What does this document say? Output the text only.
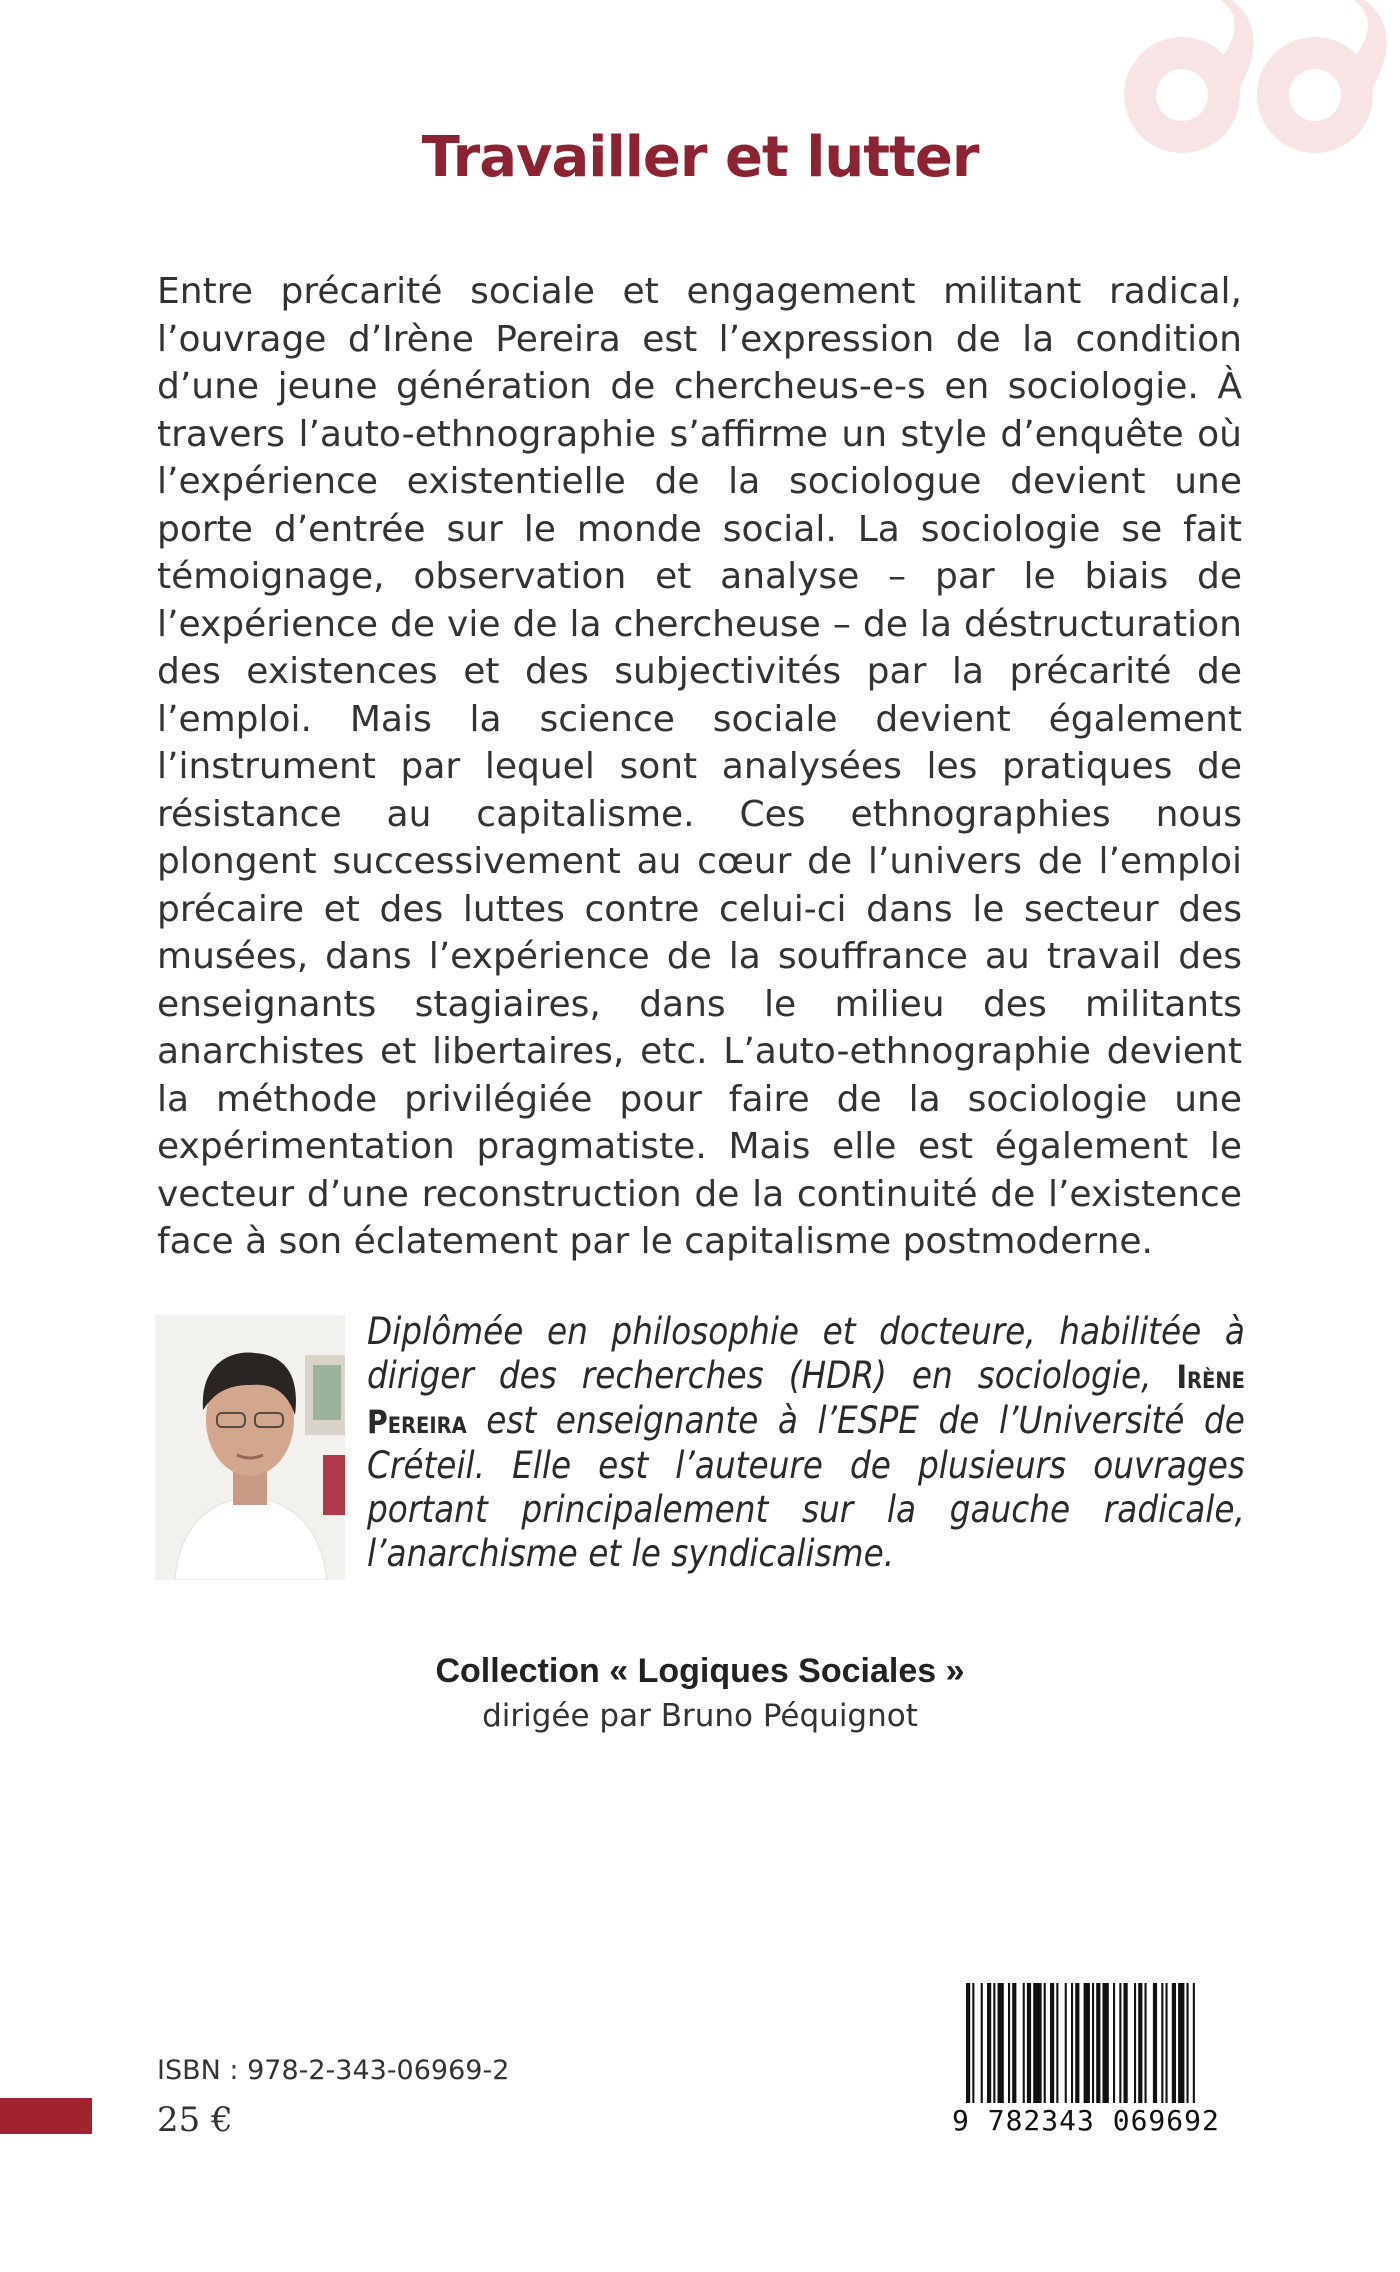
Travailler et lutter

Entre précarité sociale et engagement militant radical, l’ouvrage d’Irène Pereira est l’expression de la condition d’une jeune génération de chercheus-e-s en sociologie. À travers l’auto-ethnographie s’affirme un style d’enquête où l’expérience existentielle de la sociologue devient une porte d’entrée sur le monde social. La sociologie se fait témoignage, observation et analyse – par le biais de l’expérience de vie de la chercheuse – de la déstructuration des existences et des subjectivités par la précarité de l’emploi. Mais la science sociale devient également l’instrument par lequel sont analysées les pratiques de résistance au capitalisme. Ces ethnographies nous plongent successivement au cœur de l’univers de l’emploi précaire et des luttes contre celui-ci dans le secteur des musées, dans l’expérience de la souffrance au travail des enseignants stagiaires, dans le milieu des militants anarchistes et libertaires, etc. L’auto-ethnographie devient la méthode privilégiée pour faire de la sociologie une expérimentation pragmatiste. Mais elle est également le vecteur d’une reconstruction de la continuité de l’existence face à son éclatement par le capitalisme postmoderne.

Diplômée en philosophie et docteure, habilitée à diriger des recherches (HDR) en sociologie, Irène Pereira est enseignante à l’ESPE de l’Université de Créteil. Elle est l’auteure de plusieurs ouvrages portant principalement sur la gauche radicale, l’anarchisme et le syndicalisme.
Collection « Logiques Sociales »
dirigée par Bruno Péquignot
ISBN : 978-2-343-06969-2
25 €	9 782343 069692
